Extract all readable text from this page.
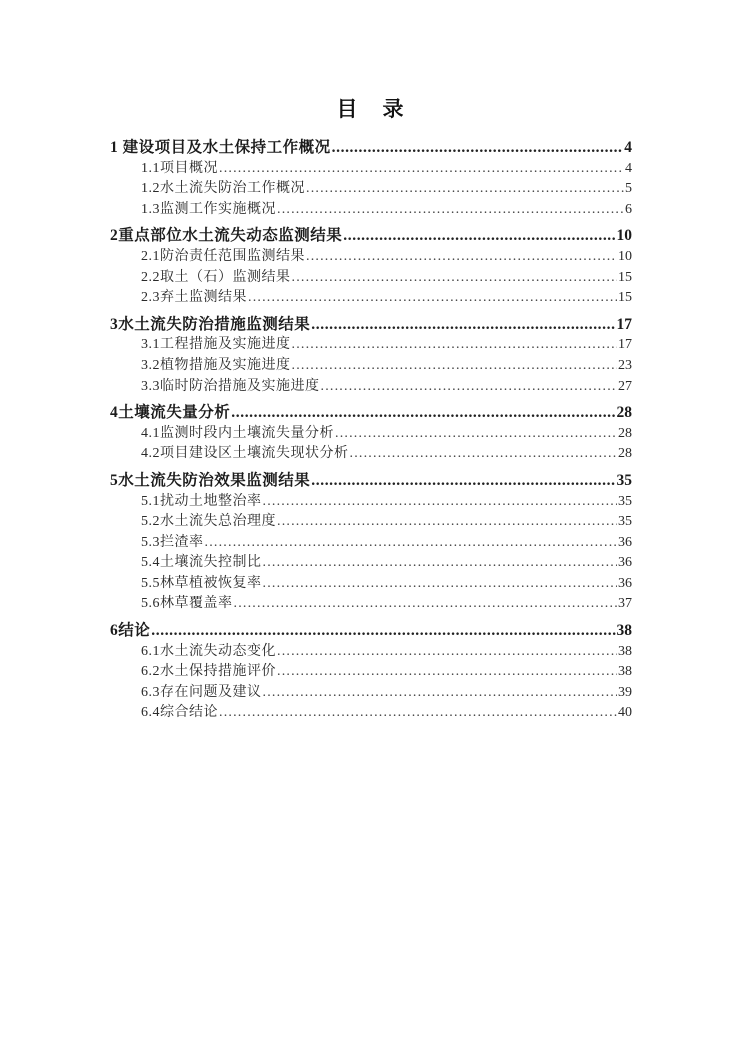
目　录
1 建设项目及水土保持工作概况 .....	4
1.1项目概况 .....	4
1.2水土流失防治工作概况 .....	5
1.3监测工作实施概况 .....	6
2重点部位水土流失动态监测结果 .....	10
2.1防治责任范围监测结果 .....	10
2.2取土（石）监测结果 .....	15
2.3弃土监测结果 .....	15
3水土流失防治措施监测结果 .....	17
3.1工程措施及实施进度 .....	17
3.2植物措施及实施进度 .....	23
3.3临时防治措施及实施进度 .....	27
4土壤流失量分析 .....	28
4.1监测时段内土壤流失量分析 .....	28
4.2项目建设区土壤流失现状分析 .....	28
5水土流失防治效果监测结果 .....	35
5.1扰动土地整治率 .....	35
5.2水土流失总治理度 .....	35
5.3拦渣率 .....	36
5.4土壤流失控制比 .....	36
5.5林草植被恢复率 .....	36
5.6林草覆盖率 .....	37
6结论 .....	38
6.1水土流失动态变化 .....	38
6.2水土保持措施评价 .....	38
6.3存在问题及建议 .....	39
6.4综合结论 .....	40
